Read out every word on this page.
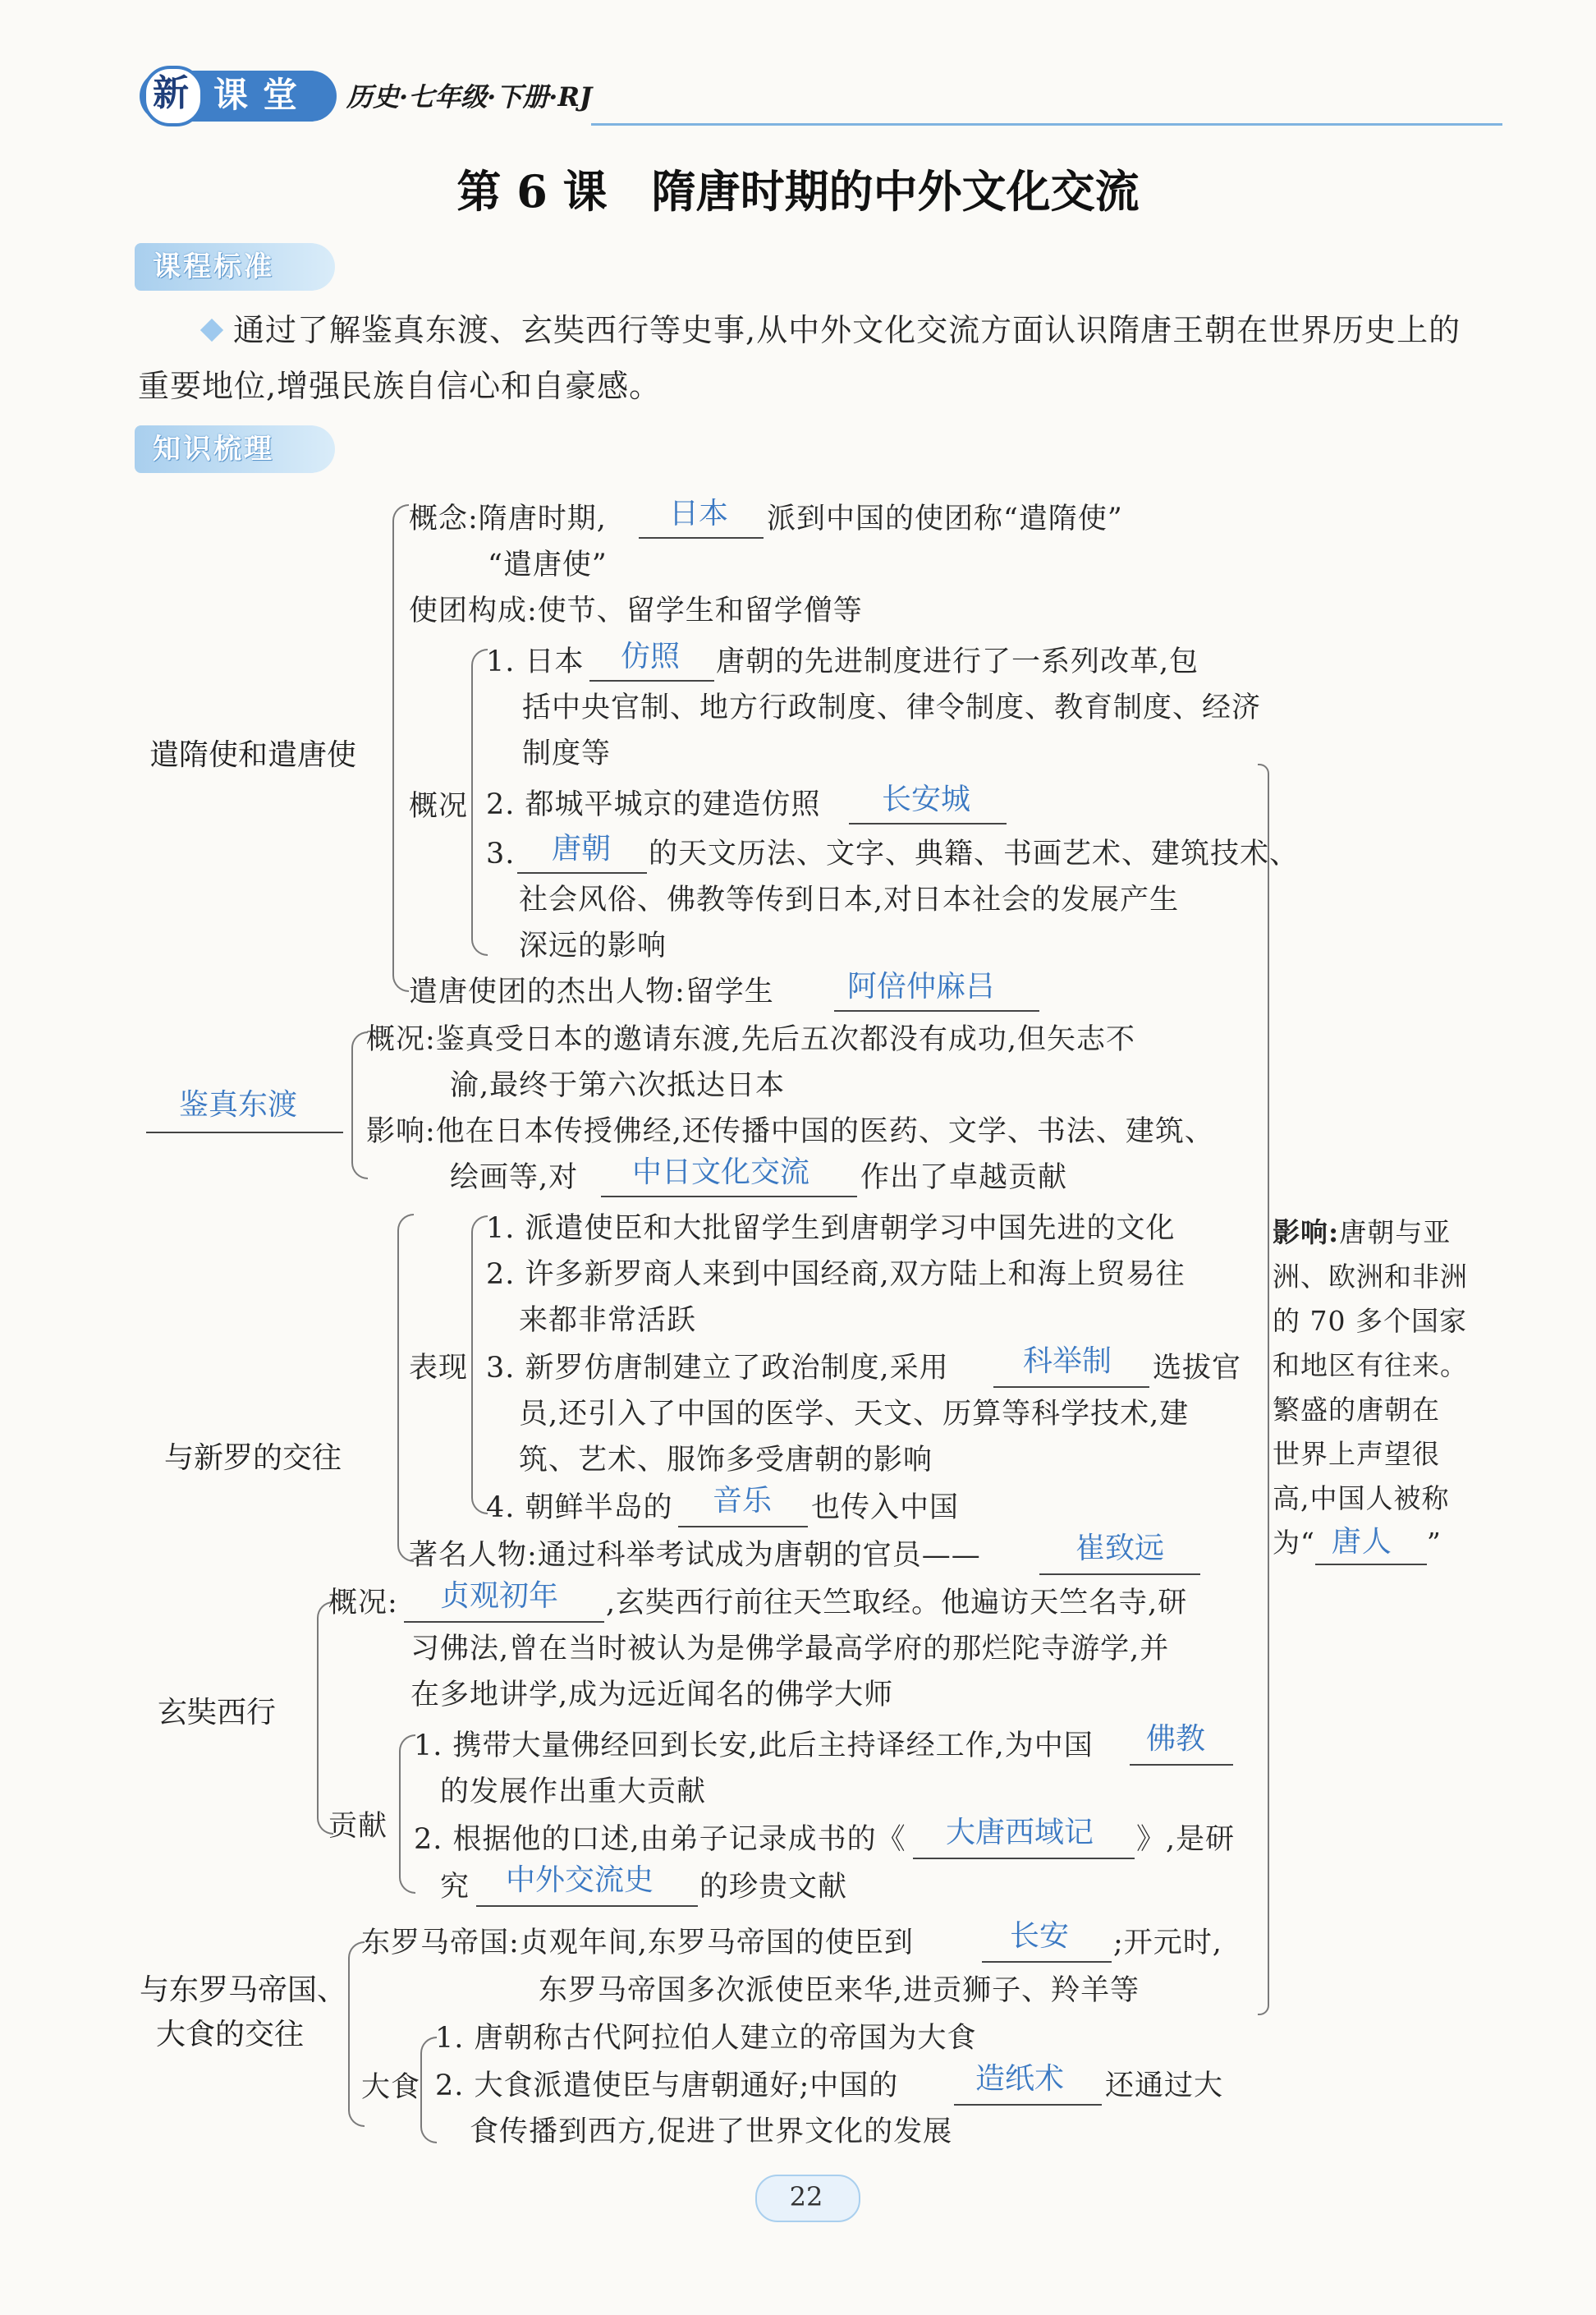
新 课 堂 历史·七年级·下册·RJ
第 6 课　隋唐时期的中外文化交流
课程标准
通过了解鉴真东渡、玄奘西行等史事,从中外文化交流方面认识隋唐王朝在世界历史上的
重要地位,增强民族自信心和自豪感。
知识梳理
遣隋使和遣唐使
概念:隋唐时期, 日本 派到中国的使团称“遣隋使”
“遣唐使”
使团构成:使节、留学生和留学僧等
概况
1. 日本 仿照 唐朝的先进制度进行了一系列改革,包
括中央官制、地方行政制度、律令制度、教育制度、经济
制度等
2. 都城平城京的建造仿照 长安城
3. 唐朝 的天文历法、文字、典籍、书画艺术、建筑技术、
社会风俗、佛教等传到日本,对日本社会的发展产生
深远的影响
遣唐使团的杰出人物:留学生 阿倍仲麻吕
鉴真东渡
概况:鉴真受日本的邀请东渡,先后五次都没有成功,但矢志不
渝,最终于第六次抵达日本
影响:他在日本传授佛经,还传播中国的医药、文学、书法、建筑、
绘画等,对 中日文化交流 作出了卓越贡献
与新罗的交往
表现
1. 派遣使臣和大批留学生到唐朝学习中国先进的文化
2. 许多新罗商人来到中国经商,双方陆上和海上贸易往
来都非常活跃
3. 新罗仿唐制建立了政治制度,采用	科举制 选拔官
员,还引入了中国的医学、天文、历算等科学技术,建
筑、艺术、服饰多受唐朝的影响
4. 朝鲜半岛的 音乐 也传入中国
著名人物:通过科举考试成为唐朝的官员——	崔致远
玄奘西行
概况: 贞观初年 ,玄奘西行前往天竺取经。他遍访天竺名寺,研
习佛法,曾在当时被认为是佛学最高学府的那烂陀寺游学,并
在多地讲学,成为远近闻名的佛学大师
贡献
1. 携带大量佛经回到长安,此后主持译经工作,为中国 佛教
的发展作出重大贡献
2. 根据他的口述,由弟子记录成书的《 大唐西域记 》,是研
究 中外交流史 的珍贵文献
与东罗马帝国、
大食的交往
东罗马帝国:贞观年间,东罗马帝国的使臣到	长安 ;开元时,
东罗马帝国多次派使臣来华,进贡狮子、羚羊等
大食
1. 唐朝称古代阿拉伯人建立的帝国为大食
2. 大食派遣使臣与唐朝通好;中国的	造纸术 还通过大
食传播到西方,促进了世界文化的发展
影响:唐朝与亚
洲、欧洲和非洲
的 70 多个国家
和地区有往来。
繁盛的唐朝在
世界上声望很
高,中国人被称
为“ 唐人 ”
22
